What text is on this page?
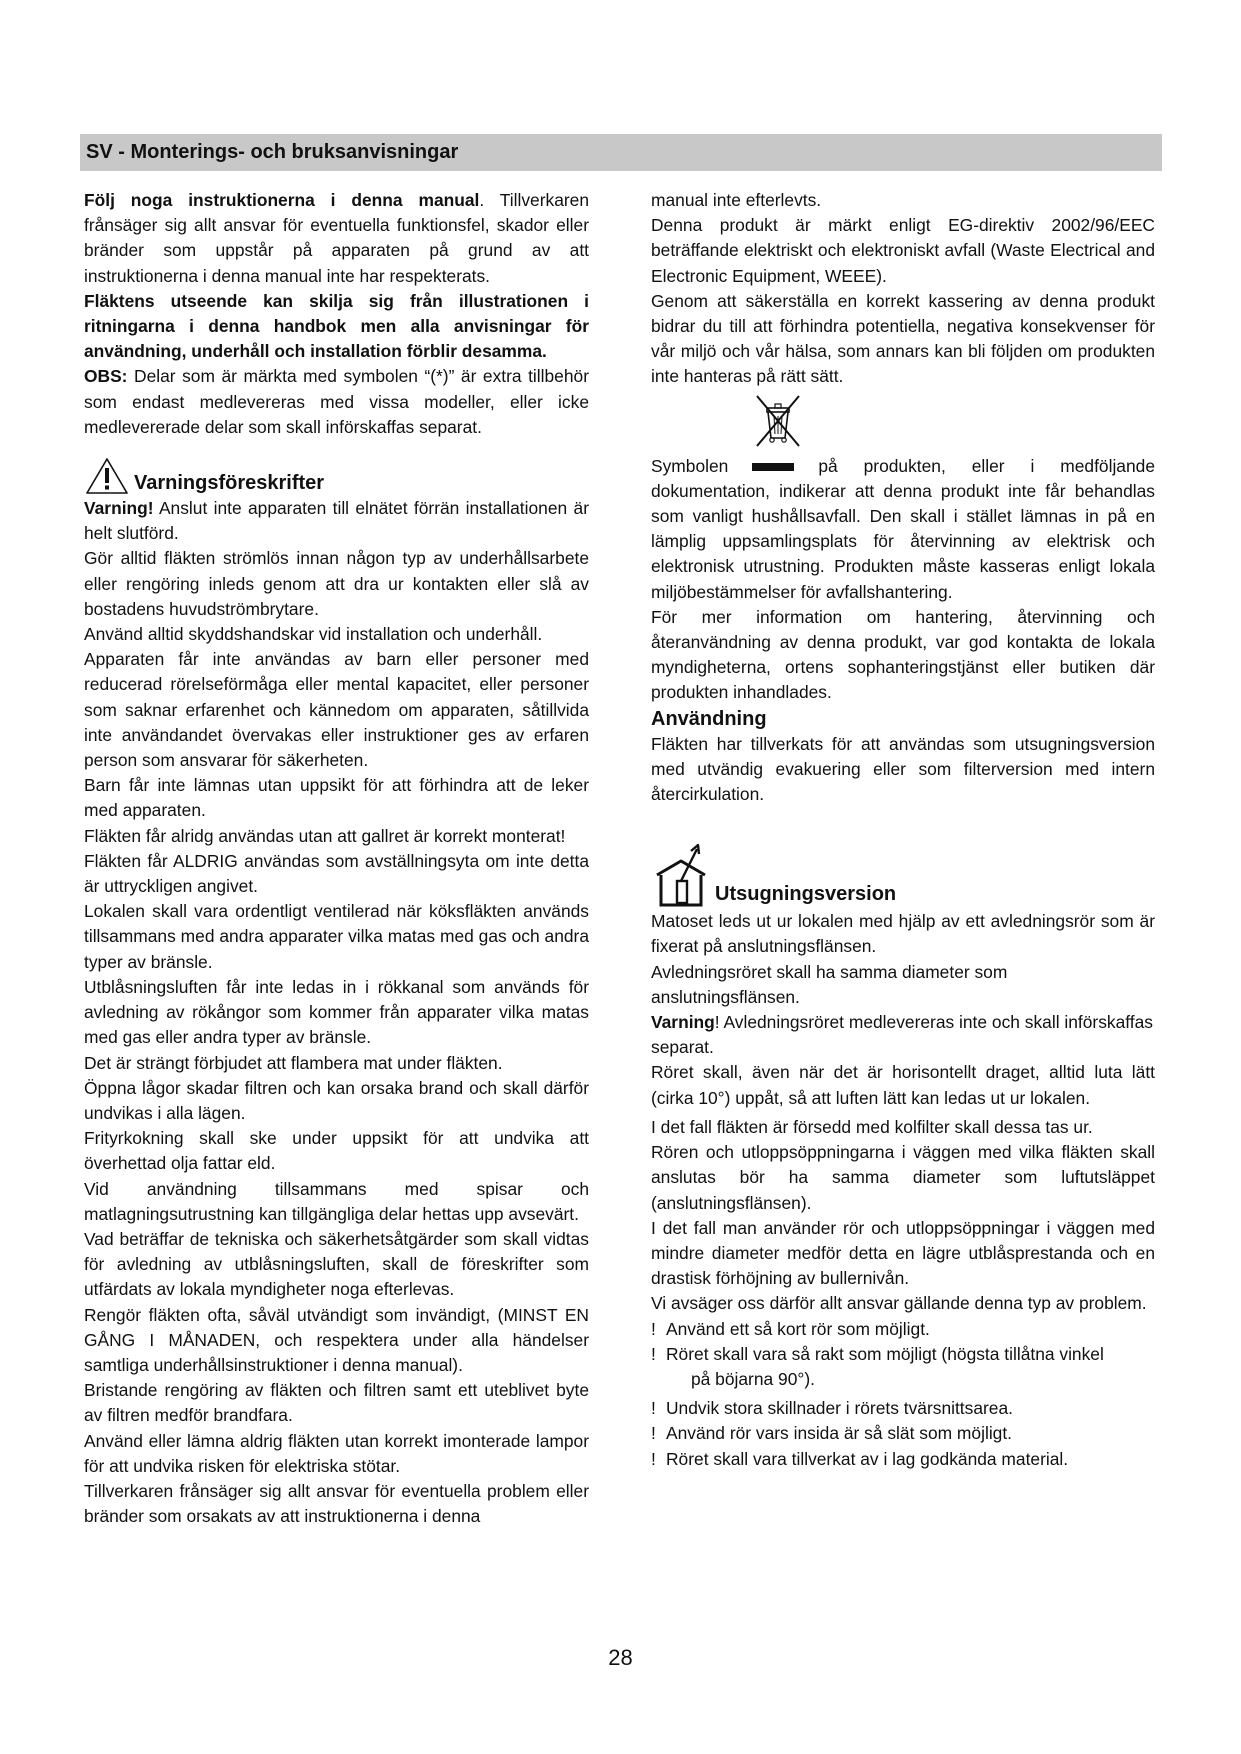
SV - Monterings- och bruksanvisningar

Följ noga instruktionerna i denna manual. Tillverkaren frånsäger sig allt ansvar för eventuella funktionsfel, skador eller bränder som uppstår på apparaten på grund av att instruktionerna i denna manual inte har respekterats.

Fläktens utseende kan skilja sig från illustrationen i ritningarna i denna handbok men alla anvisningar för användning, underhåll och installation förblir desamma.

OBS: Delar som är märkta med symbolen “(*)” är extra tillbehör som endast medlevereras med vissa modeller, eller icke medlevererade delar som skall införskaffas separat.

Varningsföreskrifter

Varning! Anslut inte apparaten till elnätet förrän installationen är helt slutförd.

Gör alltid fläkten strömlös innan någon typ av underhållsarbete eller rengöring inleds genom att dra ur kontakten eller slå av bostadens huvudströmbrytare.

Använd alltid skyddshandskar vid installation och underhåll.

Apparaten får inte användas av barn eller personer med reducerad rörelseförmåga eller mental kapacitet, eller personer som saknar erfarenhet och kännedom om apparaten, såtillvida inte användandet övervakas eller instruktioner ges av erfaren person som ansvarar för säkerheten.

Barn får inte lämnas utan uppsikt för att förhindra att de leker med apparaten.

Fläkten får alridg användas utan att gallret är korrekt monterat!

Fläkten får ALDRIG användas som avställningsyta om inte detta är uttryckligen angivet.

Lokalen skall vara ordentligt ventilerad när köksfläkten används tillsammans med andra apparater vilka matas med gas och andra typer av bränsle.

Utblåsningsluften får inte ledas in i rökkanal som används för avledning av rökångor som kommer från apparater vilka matas med gas eller andra typer av bränsle.

Det är strängt förbjudet att flambera mat under fläkten.

Öppna lågor skadar filtren och kan orsaka brand och skall därför undvikas i alla lägen.

Frityrkokning skall ske under uppsikt för att undvika att överhettad olja fattar eld.

Vid användning tillsammans med spisar och matlagningsutrustning kan tillgängliga delar hettas upp avsevärt.

Vad beträffar de tekniska och säkerhetsåtgärder som skall vidtas för avledning av utblåsningsluften, skall de föreskrifter som utfärdats av lokala myndigheter noga efterlevas.

Rengör fläkten ofta, såväl utvändigt som invändigt, (MINST EN GÅNG I MÅNADEN, och respektera under alla händelser samtliga underhållsinstruktioner i denna manual).

Bristande rengöring av fläkten och filtren samt ett uteblivet byte av filtren medför brandfara.

Använd eller lämna aldrig fläkten utan korrekt imonterade lampor för att undvika risken för elektriska stötar.

Tillverkaren frånsäger sig allt ansvar för eventuella problem eller bränder som orsakats av att instruktionerna i denna

manual inte efterlevts.

Denna produkt är märkt enligt EG-direktiv 2002/96/EEC beträffande elektriskt och elektroniskt avfall (Waste Electrical and Electronic Equipment, WEEE).

Genom att säkerställa en korrekt kassering av denna produkt bidrar du till att förhindra potentiella, negativa konsekvenser för vår miljö och vår hälsa, som annars kan bli följden om produkten inte hanteras på rätt sätt.

Symbolen	på produkten, eller i medföljande dokumentation, indikerar att denna produkt inte får behandlas som vanligt hushållsavfall. Den skall i stället lämnas in på en lämplig uppsamlingsplats för återvinning av elektrisk och elektronisk utrustning. Produkten måste kasseras enligt lokala miljöbestämmelser för avfallshantering.

För mer information om hantering, återvinning och återanvändning av denna produkt, var god kontakta de lokala myndigheterna, ortens sophanteringstjänst eller butiken där produkten inhandlades.

Användning

Fläkten har tillverkats för att användas som utsugningsversion med utvändig evakuering eller som filterversion med intern återcirkulation.

Utsugningsversion

Matoset leds ut ur lokalen med hjälp av ett avledningsrör som är fixerat på anslutningsflänsen.

Avledningsröret skall ha samma diameter som anslutningsflänsen.

Varning! Avledningsröret medlevereras inte och skall införskaffas separat.

Röret skall, även när det är horisontellt draget, alltid luta lätt (cirka 10°) uppåt, så att luften lätt kan ledas ut ur lokalen.

I det fall fläkten är försedd med kolfilter skall dessa tas ur.

Rören och utloppsöppningarna i väggen med vilka fläkten skall anslutas bör ha samma diameter som luftutsläppet (anslutningsflänsen).

I det fall man använder rör och utloppsöppningar i väggen med mindre diameter medför detta en lägre utblåsprestanda och en drastisk förhöjning av bullernivån.

Vi avsäger oss därför allt ansvar gällande denna typ av problem.

! Använd ett så kort rör som möjligt.
! Röret skall vara så rakt som möjligt (högsta tillåtna vinkel
på böjarna 90°).
! Undvik stora skillnader i rörets tvärsnittsarea.
! Använd rör vars insida är så slät som möjligt.
! Röret skall vara tillverkat av i lag godkända material.
28
